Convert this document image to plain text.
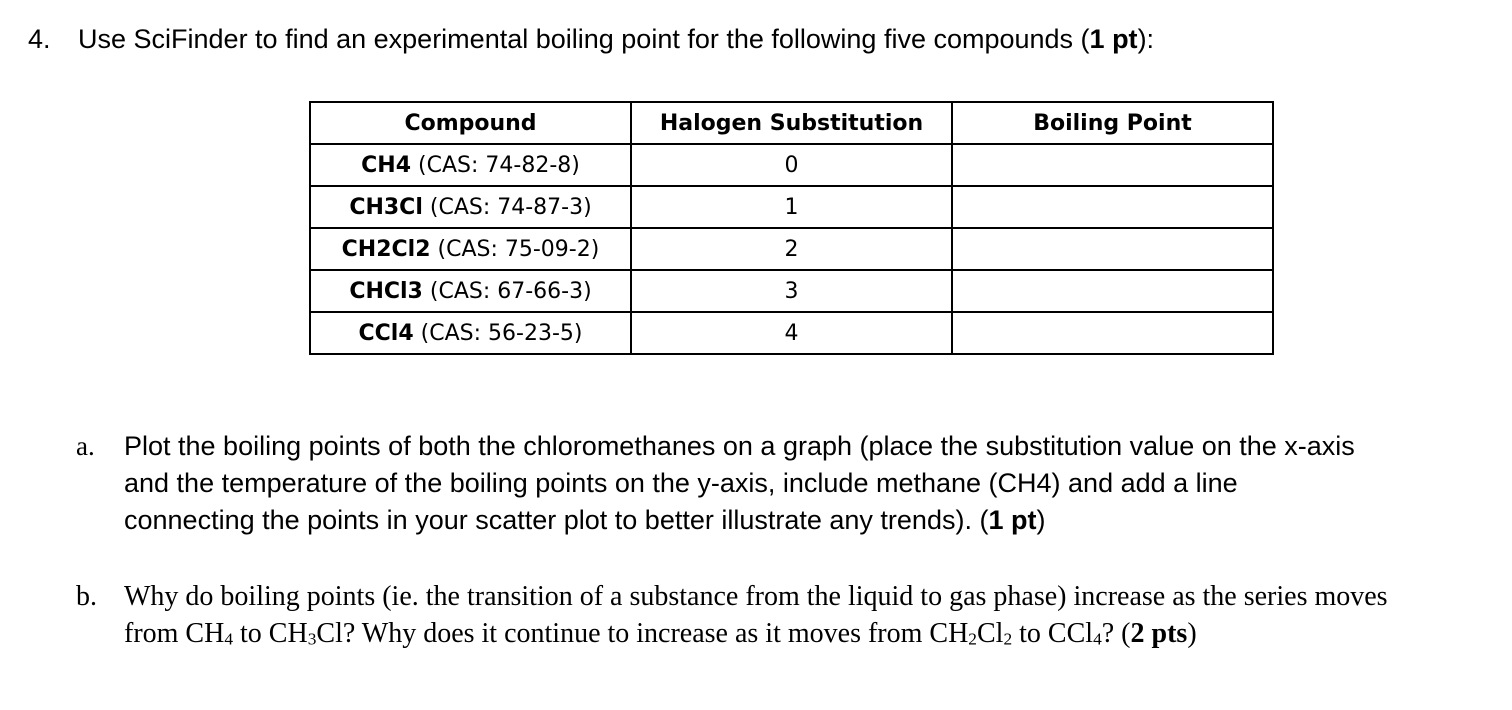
4. Use SciFinder to find an experimental boiling point for the following five compounds (1 pt):
Compound	Halogen Substitution	Boiling Point
CH4 (CAS: 74-82-8)	0	
CH3Cl (CAS: 74-87-3)	1	
CH2Cl2 (CAS: 75-09-2)	2	
CHCl3 (CAS: 67-66-3)	3	
CCl4 (CAS: 56-23-5)	4	
a. Plot the boiling points of both the chloromethanes on a graph (place the substitution value on the x-axis
and the temperature of the boiling points on the y-axis, include methane (CH4) and add a line
connecting the points in your scatter plot to better illustrate any trends). (1 pt)
b. Why do boiling points (ie. the transition of a substance from the liquid to gas phase) increase as the series moves
from $CH_4$ to $CH_3Cl$? Why does it continue to increase as it moves from $CH_2Cl_2$ to CCl$_4$? (2 pts)
